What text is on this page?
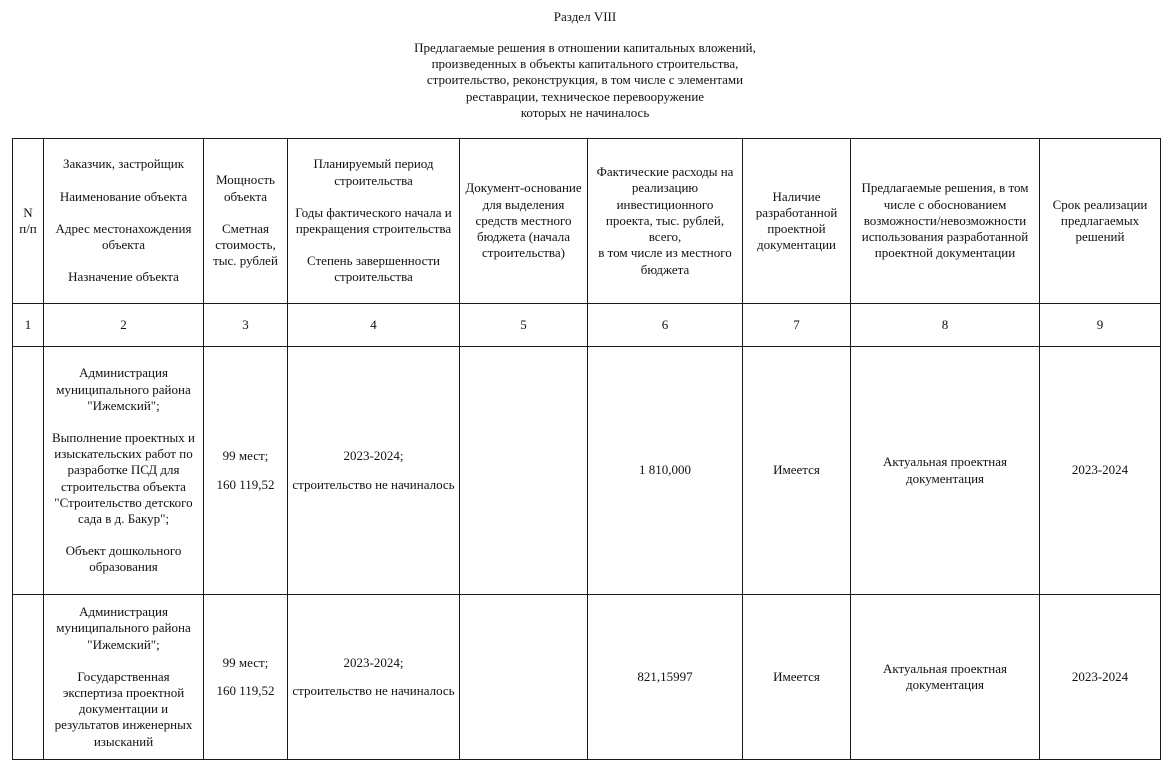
Раздел VIII
Предлагаемые решения в отношении капитальных вложений,
произведенных в объекты капитального строительства,
строительство, реконструкция, в том числе с элементами
реставрации, техническое перевооружение
которых не начиналось
N п/п	Заказчик, застройщик
Наименование объекта
Адрес местонахождения объекта
Назначение объекта	Мощность объекта
Сметная стоимость, тыс. рублей	Планируемый период строительства
Годы фактического начала и прекращения строительства
Степень завершенности строительства	Документ-основание для выделения средств местного бюджета (начала строительства)	Фактические расходы на реализацию инвестиционного проекта, тыс. рублей, всего,
в том числе из местного бюджета	Наличие разработанной проектной документации	Предлагаемые решения, в том числе с обоснованием возможности/невозможности использования разработанной проектной документации	Срок реализации предлагаемых решений
1	2	3	4	5	6	7	8	9

	Администрация муниципального района "Ижемский";
Выполнение проектных и изыскательских работ по разработке ПСД для строительства объекта "Строительство детского сада в д. Бакур";
Объект дошкольного образования	99 мест;
160 119,52	2023-2024;
строительство не начиналось		1 810,000	Имеется	Актуальная проектная документация	2023-2024

	Администрация муниципального района "Ижемский";
Государственная экспертиза проектной документации и результатов инженерных изысканий	99 мест;
160 119,52	2023-2024;
строительство не начиналось		821,15997	Имеется	Актуальная проектная документация	2023-2024
